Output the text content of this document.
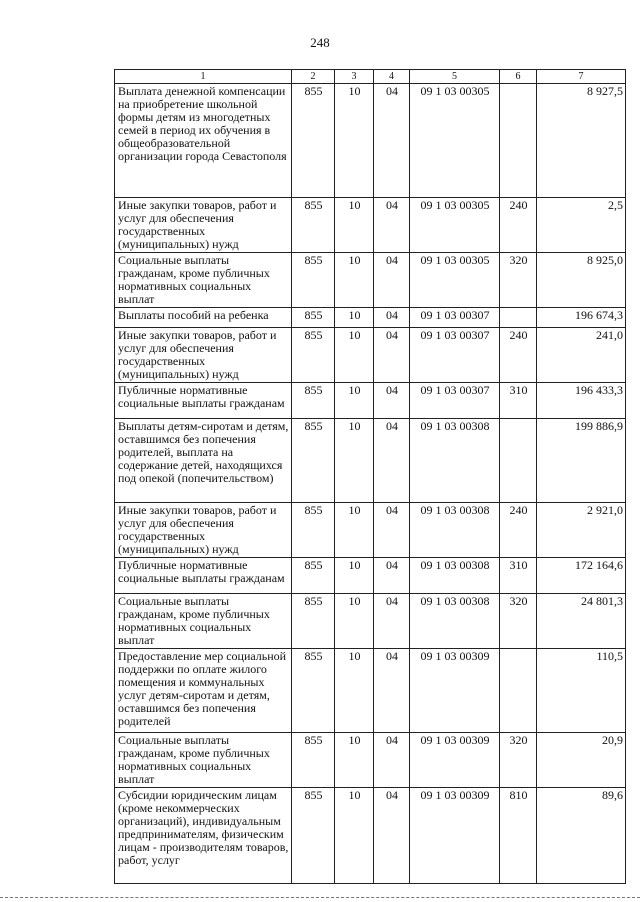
248
1	2	3	4	5	6	7
Выплата денежной компенсации на приобретение школьной формы детям из многодетных семей в период их обучения в общеобразовательной организации города Севастополя	855	10	04	09 1 03 00305		8 927,5
Иные закупки товаров, работ и услуг для обеспечения государственных (муниципальных) нужд	855	10	04	09 1 03 00305	240	2,5
Социальные выплаты гражданам, кроме публичных нормативных социальных выплат	855	10	04	09 1 03 00305	320	8 925,0
Выплаты пособий на ребенка	855	10	04	09 1 03 00307		196 674,3
Иные закупки товаров, работ и услуг для обеспечения государственных (муниципальных) нужд	855	10	04	09 1 03 00307	240	241,0
Публичные нормативные социальные выплаты гражданам	855	10	04	09 1 03 00307	310	196 433,3
Выплаты детям-сиротам и детям, оставшимся без попечения родителей, выплата на содержание детей, находящихся под опекой (попечительством)	855	10	04	09 1 03 00308		199 886,9
Иные закупки товаров, работ и услуг для обеспечения государственных (муниципальных) нужд	855	10	04	09 1 03 00308	240	2 921,0
Публичные нормативные социальные выплаты гражданам	855	10	04	09 1 03 00308	310	172 164,6
Социальные выплаты гражданам, кроме публичных нормативных социальных выплат	855	10	04	09 1 03 00308	320	24 801,3
Предоставление мер социальной поддержки по оплате жилого помещения и коммунальных услуг детям-сиротам и детям, оставшимся без попечения родителей	855	10	04	09 1 03 00309		110,5
Социальные выплаты гражданам, кроме публичных нормативных социальных выплат	855	10	04	09 1 03 00309	320	20,9
Субсидии юридическим лицам (кроме некоммерческих организаций), индивидуальным предпринимателям, физическим лицам - производителям товаров, работ, услуг	855	10	04	09 1 03 00309	810	89,6
